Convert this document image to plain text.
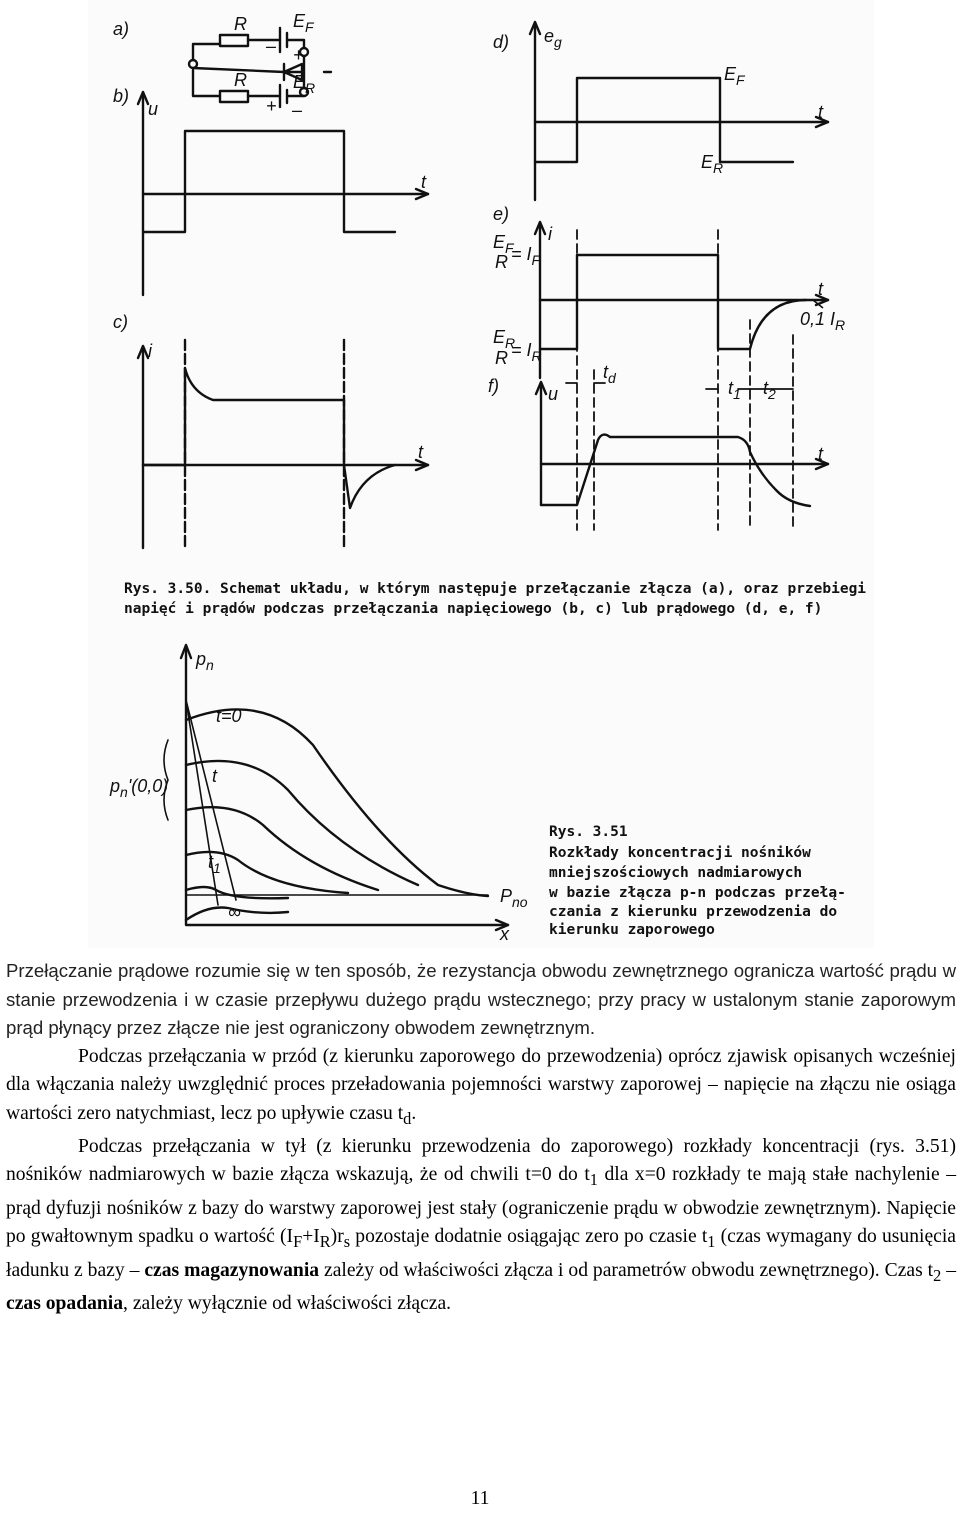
a)
b)
c)
d)
e)
f)
R
R
$E_F$
$E_R$
– +
+ –
u
t
i
t
$e_g$
t
$E_F$
$E_R$
i
$E_F$
$R = I_F$
$E_R$
$R = I_R$
t
0,1 $I_R$
u
t
$t_d$	$t_1$ $t_2$
$p_n$
$p_n'(0,0)$
t=0
t
$t_1$
∞
$P_{no}$
x
Rys. 3.50. Schemat układu, w którym następuje przełączanie złącza (a), oraz przebiegi
napięć i prądów podczas przełączania napięciowego (b, c) lub prądowego (d, e, f)
Rys. 3.51
Rozkłady koncentracji nośników
mniejszościowych nadmiarowych
w bazie złącza p-n podczas przełą-
czania z kierunku przewodzenia do
kierunku zaporowego

Przełączanie prądowe rozumie się w ten sposób, że rezystancja obwodu zewnętrznego ogranicza wartość prądu w stanie przewodzenia i w czasie przepływu dużego prądu wstecznego; przy pracy w ustalonym stanie zaporowym prąd płynący przez złącze nie jest ograniczony obwodem zewnętrznym.

Podczas przełączania w przód (z kierunku zaporowego do przewodzenia) oprócz zjawisk opisanych wcześniej dla włączania należy uwzględnić proces przeładowania pojemności warstwy zaporowej – napięcie na złączu nie osiąga wartości zero natychmiast, lecz po upływie czasu $t_d$.

Podczas przełączania w tył (z kierunku przewodzenia do zaporowego) rozkłady koncentracji (rys. 3.51) nośników nadmiarowych w bazie złącza wskazują, że od chwili t=0 do $t_1$ dla x=0 rozkłady te mają stałe nachylenie – prąd dyfuzji nośników z bazy do warstwy zaporowej jest stały (ograniczenie prądu w obwodzie zewnętrznym). Napięcie po gwałtownym spadku o wartość $(I_F+I_R)r_s$ pozostaje dodatnie osiągając zero po czasie $t_1$ (czas wymagany do usunięcia ładunku z bazy – czas magazynowania zależy od właściwości złącza i od parametrów obwodu zewnętrznego). Czas $t_2$ – czas opadania, zależy wyłącznie od właściwości złącza.

11
